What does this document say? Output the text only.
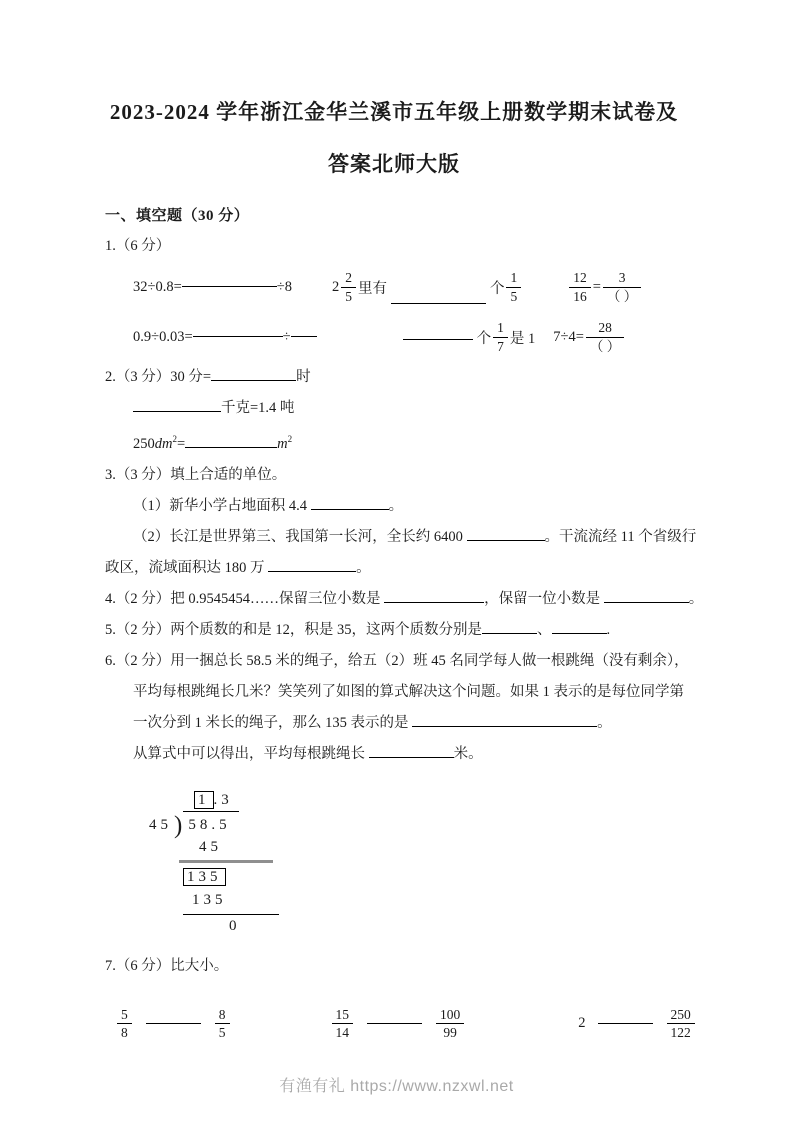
2023-2024 学年浙江金华兰溪市五年级上册数学期末试卷及
答案北师大版
一、填空题（30 分）
1.（6 分）
32÷0.8=	÷8	$2 \frac{2}{5}$ 里有	个 $\frac{1}{5}$	$\frac{12}{16} = \frac{3}{( )}$
0.9÷0.03=	÷	个 $\frac{1}{7}$ 是 1 $7\div 4= \frac{28}{( )}$
2.（3 分）30 分=	时
千克=1.4 吨
$250dm^2=$	$m^2$
3.（3 分）填上合适的单位。
（1）新华小学占地面积 4.4	。
（2）长江是世界第三、我国第一长河，全长约 6400	。干流流经 11 个省级行
政区，流域面积达 180 万	。
4.（2 分）把 0.9545454……保留三位小数是	，保留一位小数是	。
5.（2 分）两个质数的和是 12，积是 35，这两个质数分别是	、	.
6.（2 分）用一捆总长 58.5 米的绳子，给五（2）班 45 名同学每人做一根跳绳（没有剩余），
平均每根跳绳长几米？笑笑列了如图的算式解决这个问题。如果 1 表示的是每位同学第
一次分到 1 米长的绳子，那么 135 表示的是	。
从算式中可以得出，平均每根跳绳长	米。
1 .3
45 ) 58.5
45
135
135
0
7.（6 分）比大小。
$\frac{5}{8}$	$\frac{8}{5}$	$\frac{15}{14}$	$\frac{100}{99}$	2	$\frac{250}{122}$
有渔有礼 https://www.nzxwl.net
